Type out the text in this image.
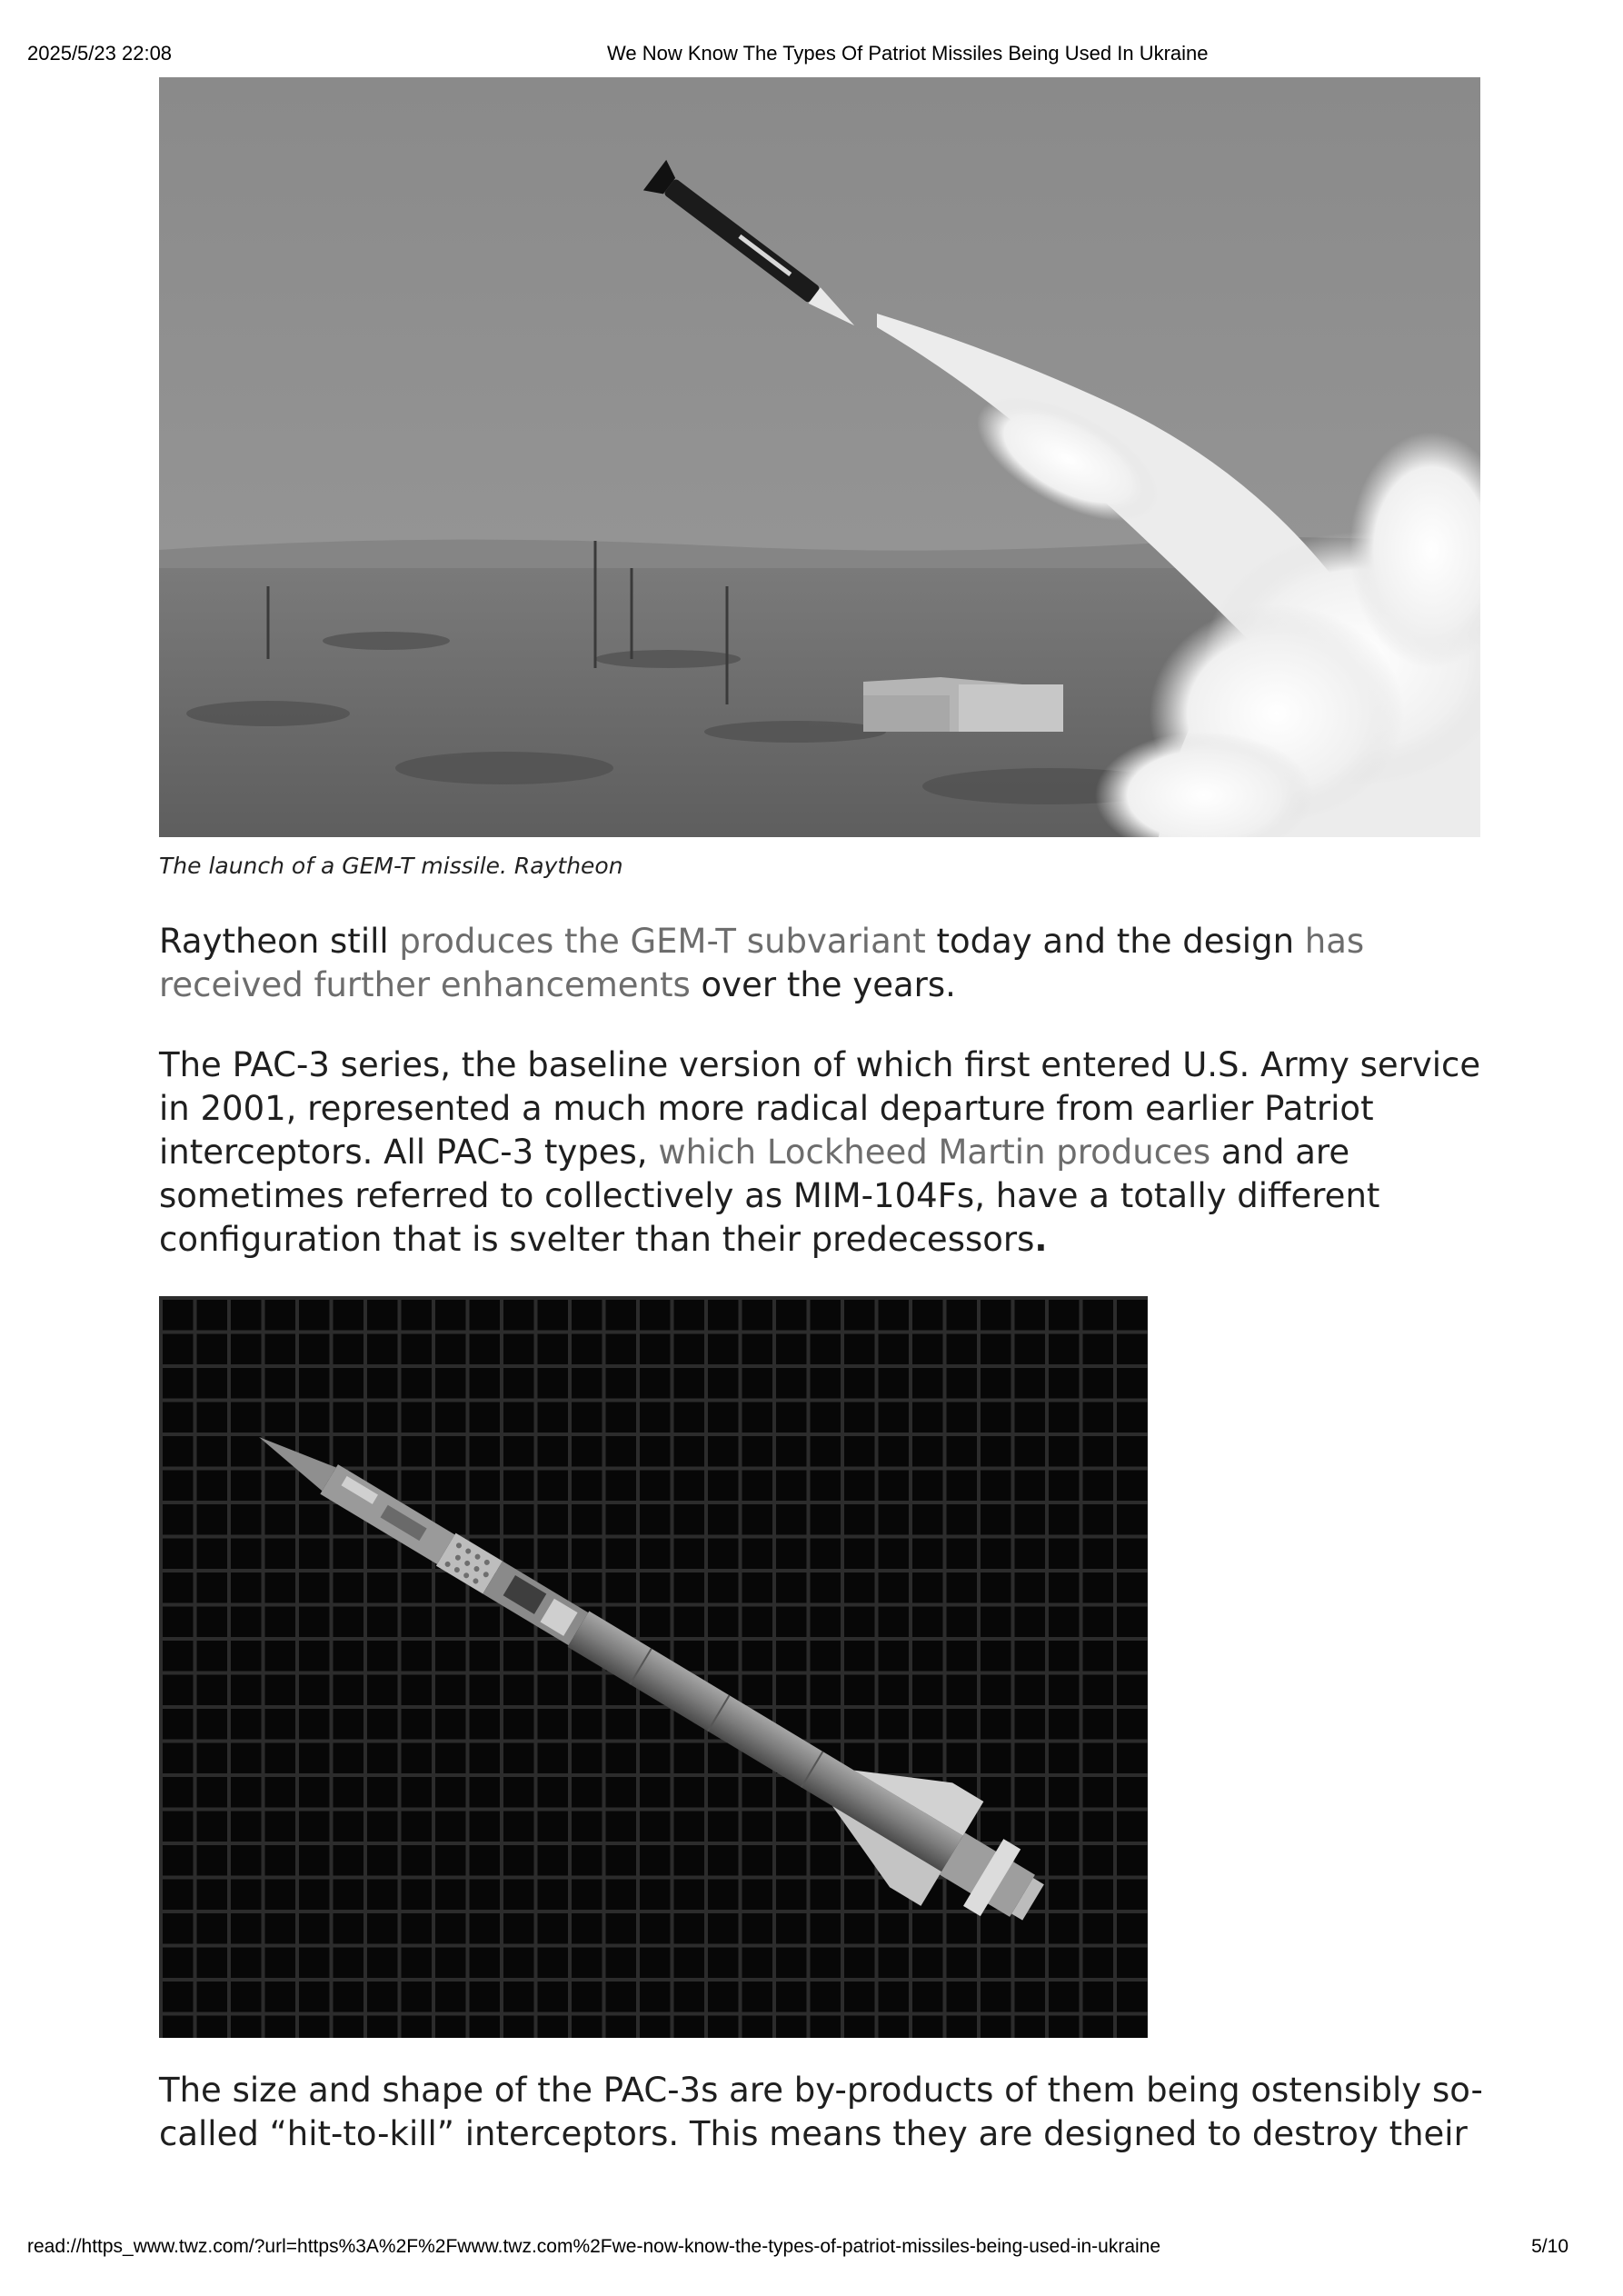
2025/5/23 22:08	We Now Know The Types Of Patriot Missiles Being Used In Ukraine
The launch of a GEM-T missile. Raytheon
Raytheon still produces the GEM-T subvariant today and the design has received further enhancements over the years.
The PAC-3 series, the baseline version of which first entered U.S. Army service in 2001, represented a much more radical departure from earlier Patriot interceptors. All PAC-3 types, which Lockheed Martin produces and are sometimes referred to collectively as MIM-104Fs, have a totally different configuration that is svelter than their predecessors.
The size and shape of the PAC-3s are by-products of them being ostensibly so-called “hit-to-kill” interceptors. This means they are designed to destroy their
read://https_www.twz.com/?url=https%3A%2F%2Fwww.twz.com%2Fwe-now-know-the-types-of-patriot-missiles-being-used-in-ukraine	5/10
